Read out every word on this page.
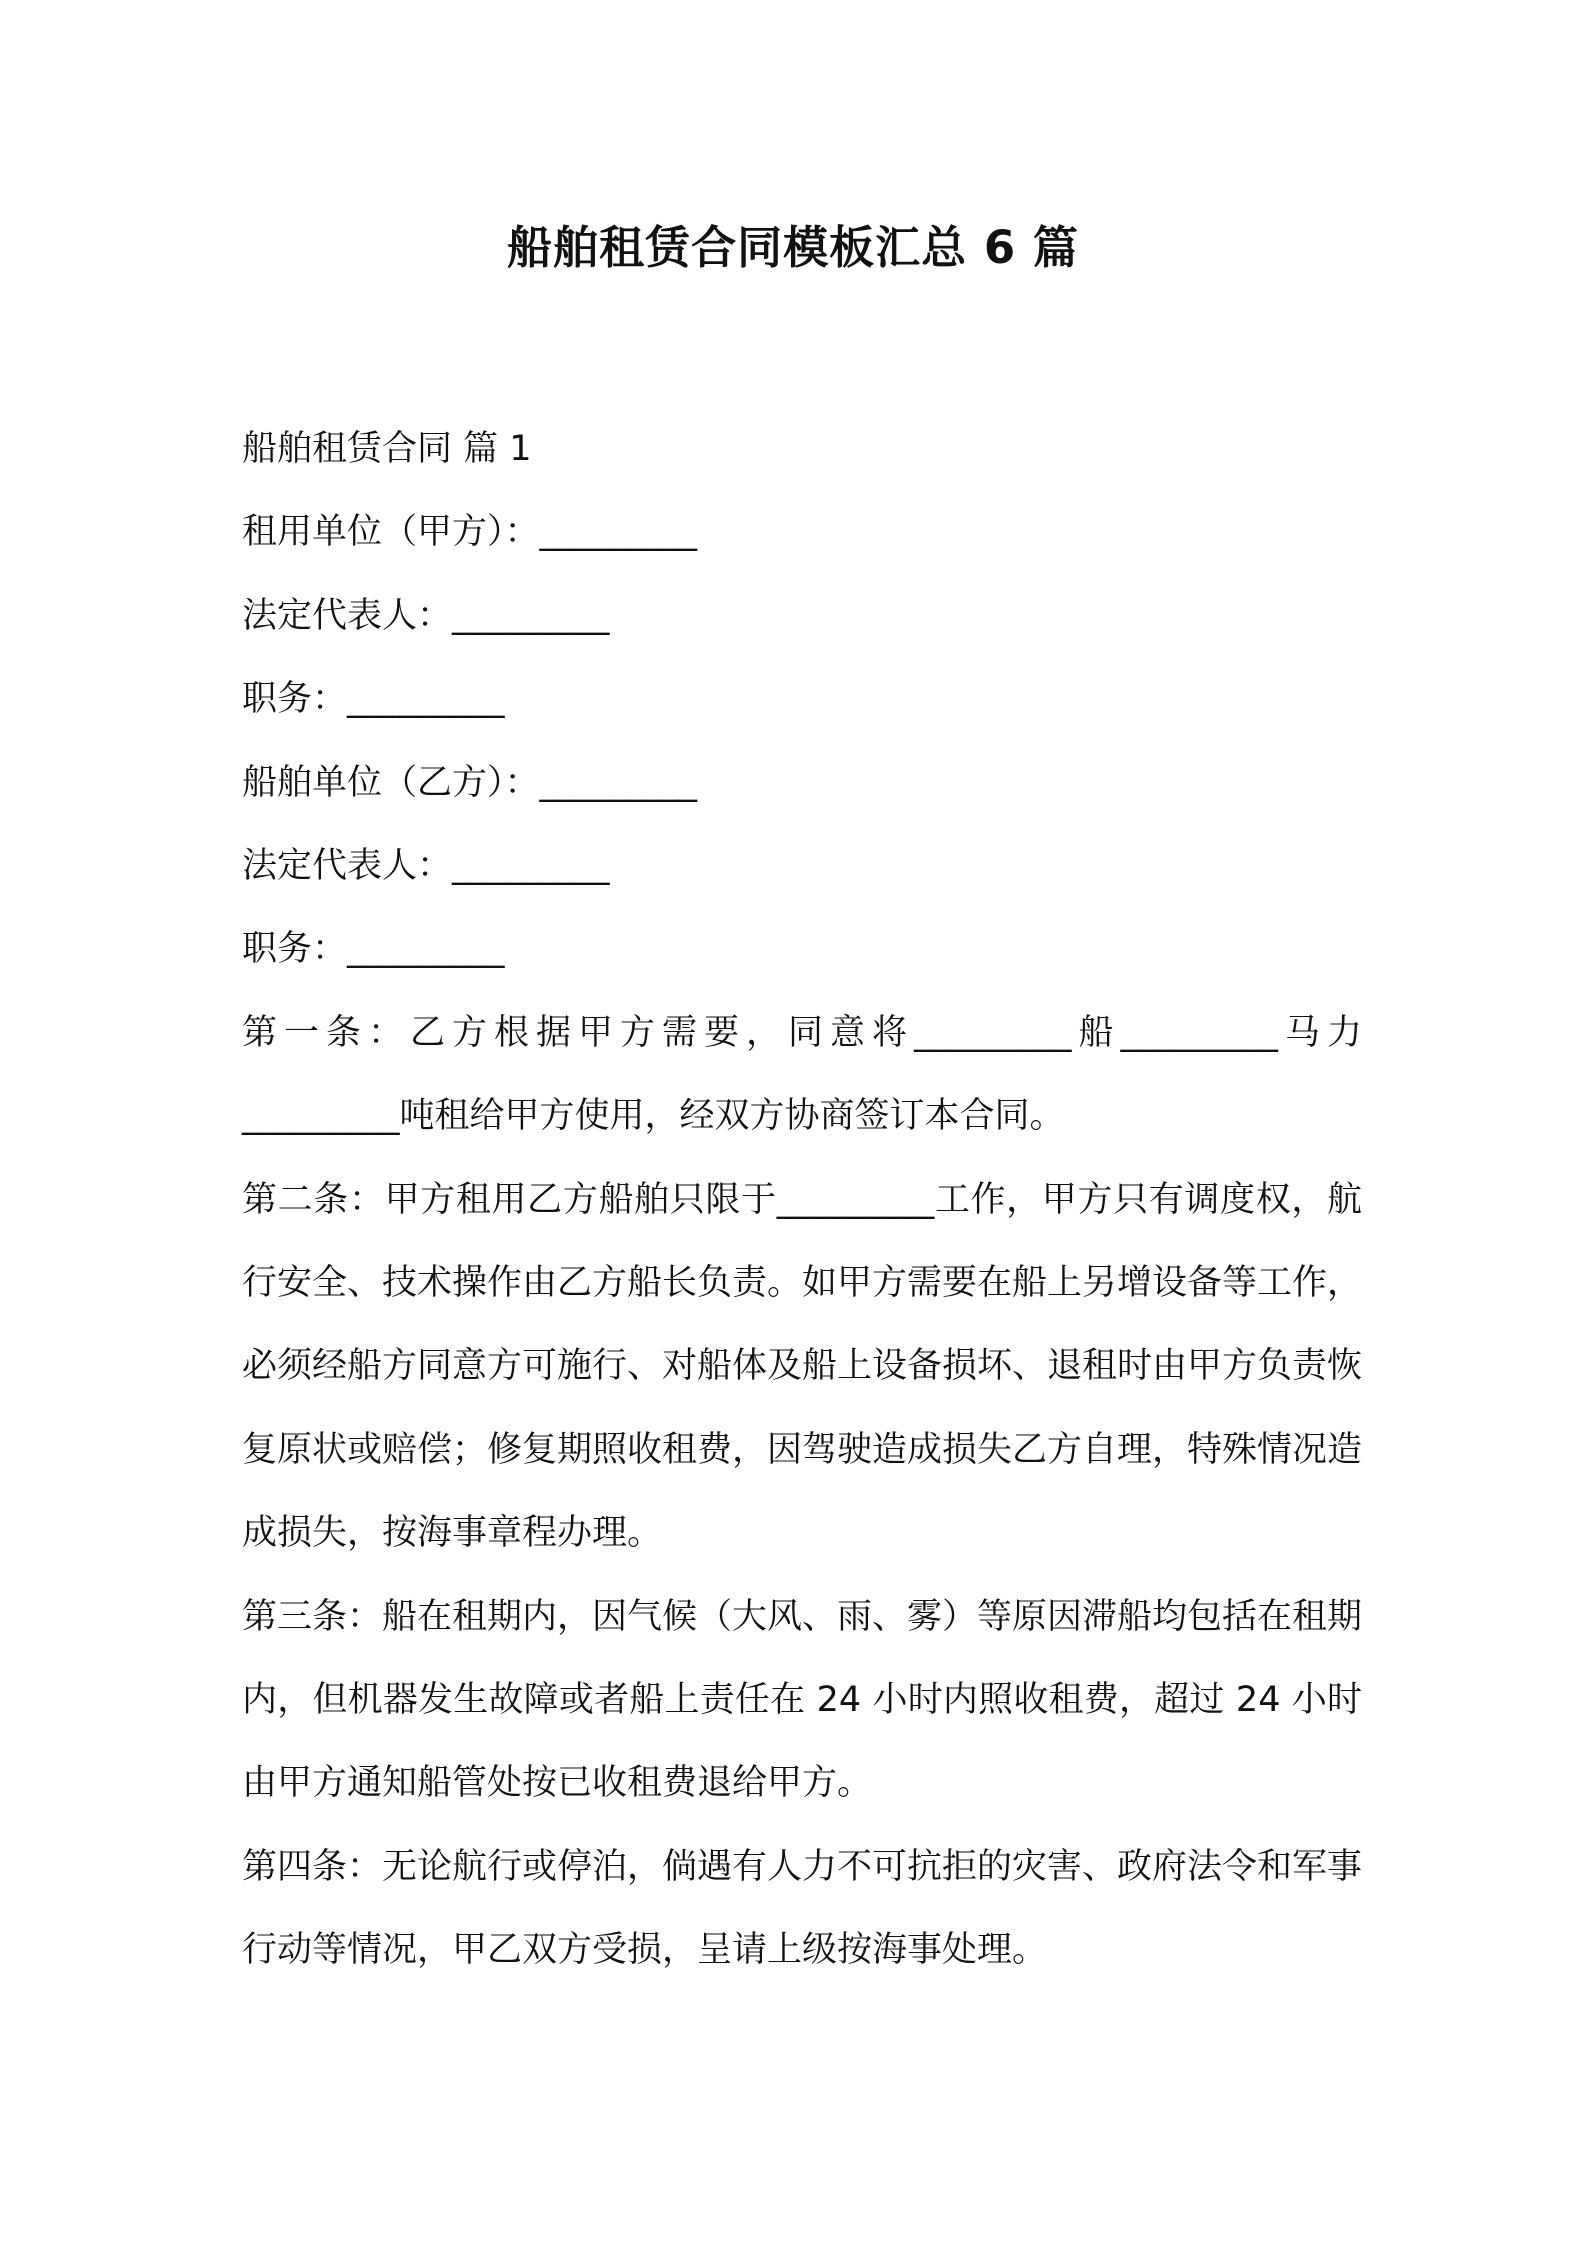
船舶租赁合同模板汇总 6 篇
船舶租赁合同 篇 1
租用单位（甲方）：_________
法定代表人：_________
职务：_________
船舶单位（乙方）：_________
法定代表人：_________
职务：_________
第一条：乙方根据甲方需要，同意将_________船_________马力_________吨租给甲方使用，经双方协商签订本合同。
第二条：甲方租用乙方船舶只限于_________工作，甲方只有调度权，航行安全、技术操作由乙方船长负责。如甲方需要在船上另增设备等工作，必须经船方同意方可施行、对船体及船上设备损坏、退租时由甲方负责恢复原状或赔偿；修复期照收租费，因驾驶造成损失乙方自理，特殊情况造成损失，按海事章程办理。
第三条：船在租期内，因气候（大风、雨、雾）等原因滞船均包括在租期内，但机器发生故障或者船上责任在 24 小时内照收租费，超过 24 小时由甲方通知船管处按已收租费退给甲方。
第四条：无论航行或停泊，倘遇有人力不可抗拒的灾害、政府法令和军事行动等情况，甲乙双方受损，呈请上级按海事处理。
